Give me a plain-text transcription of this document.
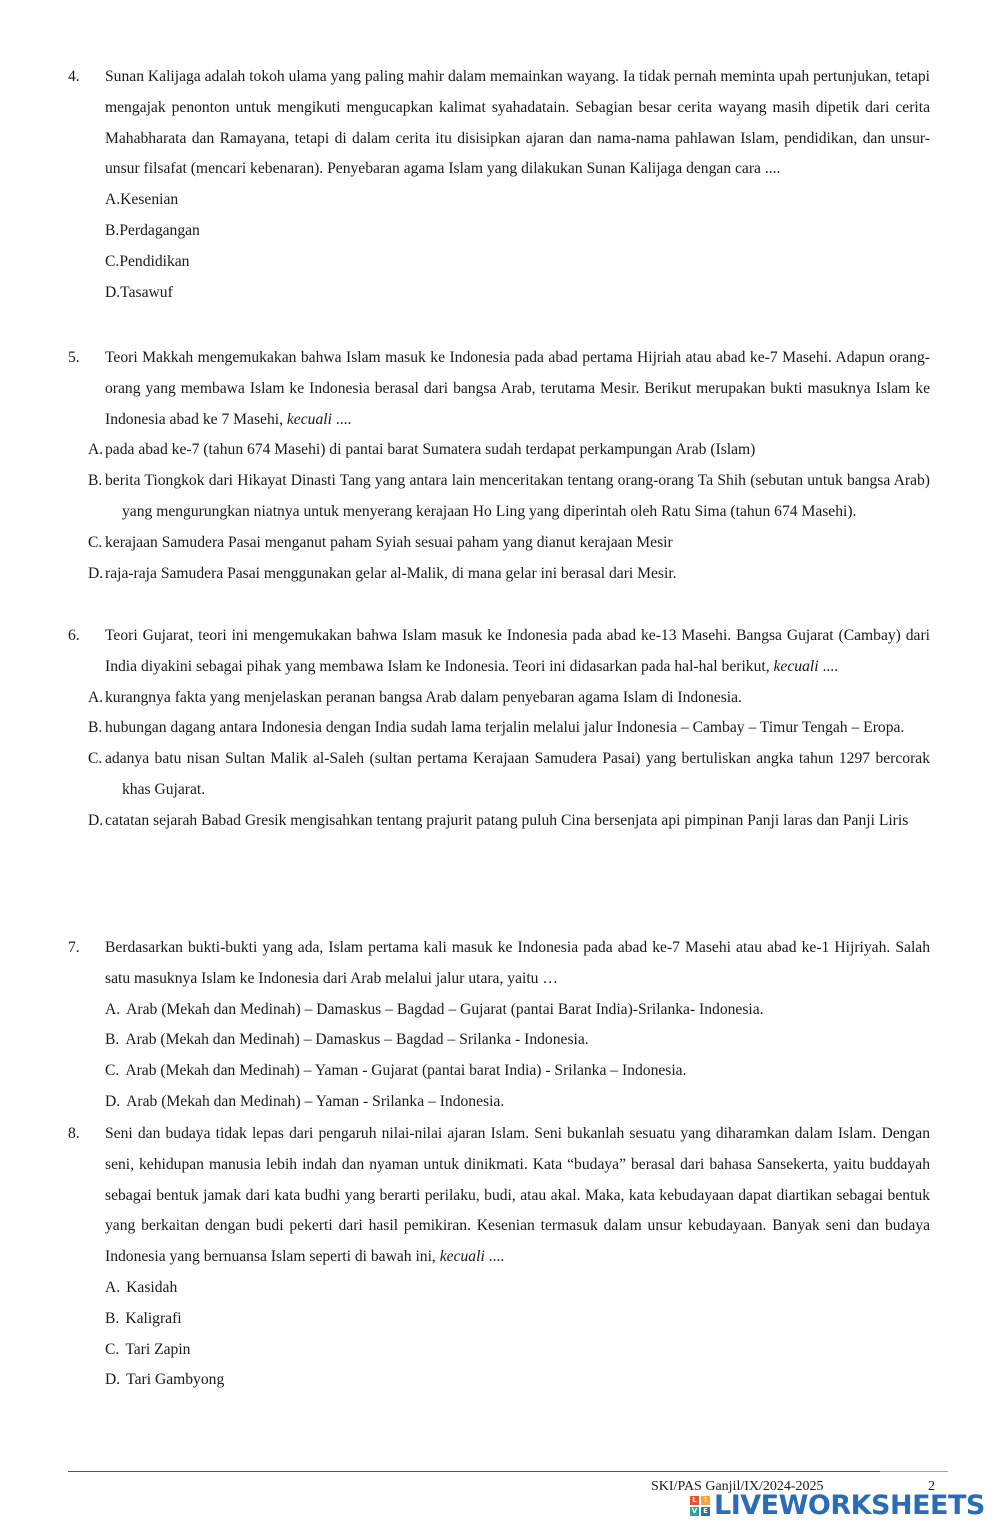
4.	Sunan Kalijaga adalah tokoh ulama yang paling mahir dalam memainkan wayang. Ia tidak pernah meminta upah pertunjukan, tetapi mengajak penonton untuk mengikuti mengucapkan kalimat syahadatain. Sebagian besar cerita wayang masih dipetik dari cerita Mahabharata dan Ramayana, tetapi di dalam cerita itu disisipkan ajaran dan nama-nama pahlawan Islam, pendidikan, dan unsur-unsur filsafat (mencari kebenaran). Penyebaran agama Islam yang dilakukan Sunan Kalijaga dengan cara ....
A.Kesenian
B.Perdagangan
C.Pendidikan
D.Tasawuf
5.	Teori Makkah mengemukakan bahwa Islam masuk ke Indonesia pada abad pertama Hijriah atau abad ke-7 Masehi. Adapun orang-orang yang membawa Islam ke Indonesia berasal dari bangsa Arab, terutama Mesir. Berikut merupakan bukti masuknya Islam ke Indonesia abad ke 7 Masehi, kecuali ....
A. pada abad ke-7 (tahun 674 Masehi) di pantai barat Sumatera sudah terdapat perkampungan Arab (Islam)
B. berita Tiongkok dari Hikayat Dinasti Tang yang antara lain menceritakan tentang orang-orang Ta Shih (sebutan untuk bangsa Arab) yang mengurungkan niatnya untuk menyerang kerajaan Ho Ling yang diperintah oleh Ratu Sima (tahun 674 Masehi).
C. kerajaan Samudera Pasai menganut paham Syiah sesuai paham yang dianut kerajaan Mesir
D. raja-raja Samudera Pasai menggunakan gelar al-Malik, di mana gelar ini berasal dari Mesir.
6.	Teori Gujarat, teori ini mengemukakan bahwa Islam masuk ke Indonesia pada abad ke-13 Masehi. Bangsa Gujarat (Cambay) dari India diyakini sebagai pihak yang membawa Islam ke Indonesia. Teori ini didasarkan pada hal-hal berikut, kecuali ....
A. kurangnya fakta yang menjelaskan peranan bangsa Arab dalam penyebaran agama Islam di Indonesia.
B. hubungan dagang antara Indonesia dengan India sudah lama terjalin melalui jalur Indonesia – Cambay – Timur Tengah – Eropa.
C. adanya batu nisan Sultan Malik al-Saleh (sultan pertama Kerajaan Samudera Pasai) yang bertuliskan angka tahun 1297 bercorak khas Gujarat.
D. catatan sejarah Babad Gresik mengisahkan tentang prajurit patang puluh Cina bersenjata api pimpinan Panji laras dan Panji Liris
7.	Berdasarkan bukti-bukti yang ada, Islam pertama kali masuk ke Indonesia pada abad ke-7 Masehi atau abad ke-1 Hijriyah. Salah satu masuknya Islam ke Indonesia dari Arab melalui jalur utara, yaitu …
A. Arab (Mekah dan Medinah) – Damaskus – Bagdad – Gujarat (pantai Barat India)-Srilanka- Indonesia.
B. Arab (Mekah dan Medinah) – Damaskus – Bagdad – Srilanka - Indonesia.
C. Arab (Mekah dan Medinah) – Yaman - Gujarat (pantai barat India) - Srilanka – Indonesia.
D. Arab (Mekah dan Medinah) – Yaman - Srilanka – Indonesia.
8.	Seni dan budaya tidak lepas dari pengaruh nilai-nilai ajaran Islam. Seni bukanlah sesuatu yang diharamkan dalam Islam. Dengan seni, kehidupan manusia lebih indah dan nyaman untuk dinikmati. Kata “budaya” berasal dari bahasa Sansekerta, yaitu buddayah sebagai bentuk jamak dari kata budhi yang berarti perilaku, budi, atau akal. Maka, kata kebudayaan dapat diartikan sebagai bentuk yang berkaitan dengan budi pekerti dari hasil pemikiran. Kesenian termasuk dalam unsur kebudayaan. Banyak seni dan budaya Indonesia yang bernuansa Islam seperti di bawah ini, kecuali ....
A. Kasidah
B. Kaligrafi
C. Tari Zapin
D. Tari Gambyong
SKI/PAS Ganjil/IX/2024-2025	2
L	I
V E LIVEWORKSHEETS
